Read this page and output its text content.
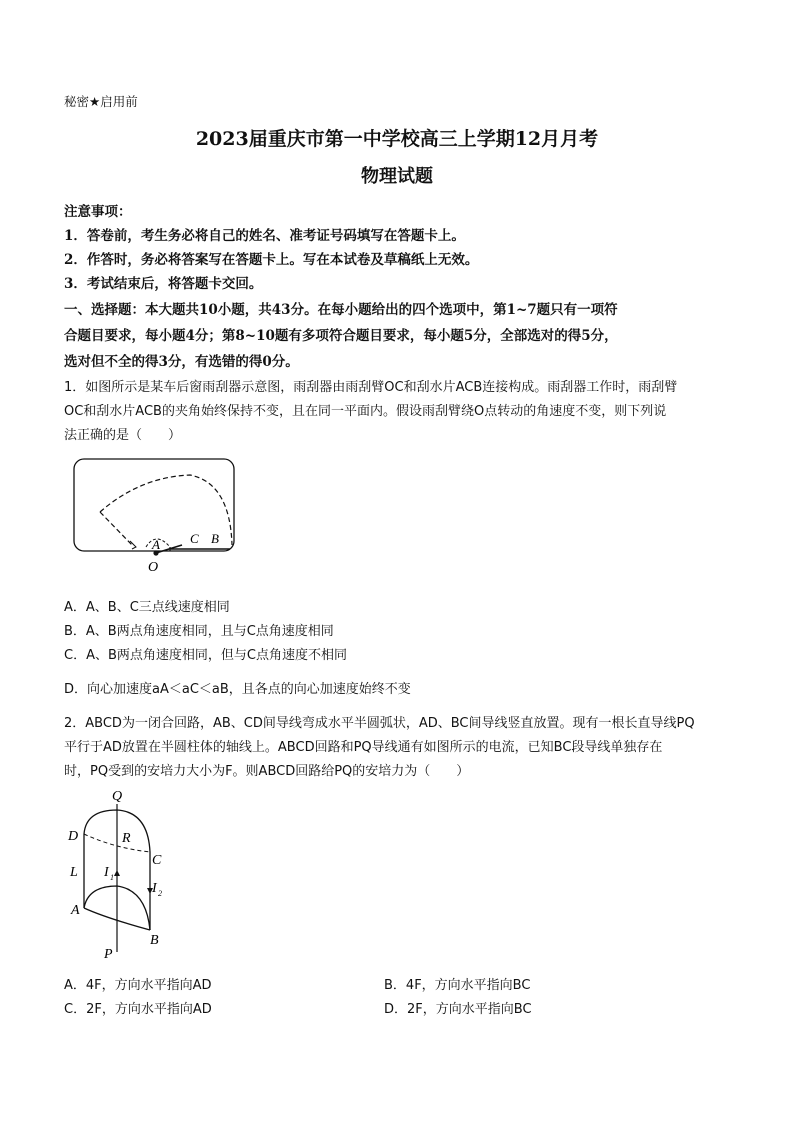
秘密★启用前
2023届重庆市第一中学校高三上学期12月月考
物理试题
注意事项：
1．答卷前，考生务必将自己的姓名、准考证号码填写在答题卡上。
2．作答时，务必将答案写在答题卡上。写在本试卷及草稿纸上无效。
3．考试结束后，将答题卡交回。
一、选择题：本大题共10小题，共43分。在每小题给出的四个选项中，第1~7题只有一项符
合题目要求，每小题4分；第8~10题有多项符合题目要求，每小题5分，全部选对的得5分，
选对但不全的得3分，有选错的得0分。
1．如图所示是某车后窗雨刮器示意图，雨刮器由雨刮臂OC和刮水片ACB连接构成。雨刮器工作时，雨刮臂
OC和刮水片ACB的夹角始终保持不变，且在同一平面内。假设雨刮臂绕O点转动的角速度不变，则下列说
法正确的是（　　）
A C B
O
A．A、B、C三点线速度相同
B．A、B两点角速度相同，且与C点角速度相同
C．A、B两点角速度相同，但与C点角速度不相同
D．向心加速度aA＜aC＜aB，且各点的向心加速度始终不变
2．ABCD为一闭合回路，AB、CD间导线弯成水平半圆弧状，AD、BC间导线竖直放置。现有一根长直导线PQ
平行于AD放置在半圆柱体的轴线上。ABCD回路和PQ导线通有如图所示的电流，已知BC段导线单独存在
时，PQ受到的安培力大小为F。则ABCD回路给PQ的安培力为（　　）
Q
D	R
C
L I 1
I 2
A
B
P
A．4F，方向水平指向AD	B．4F，方向水平指向BC
C．2F，方向水平指向AD	D．2F，方向水平指向BC
